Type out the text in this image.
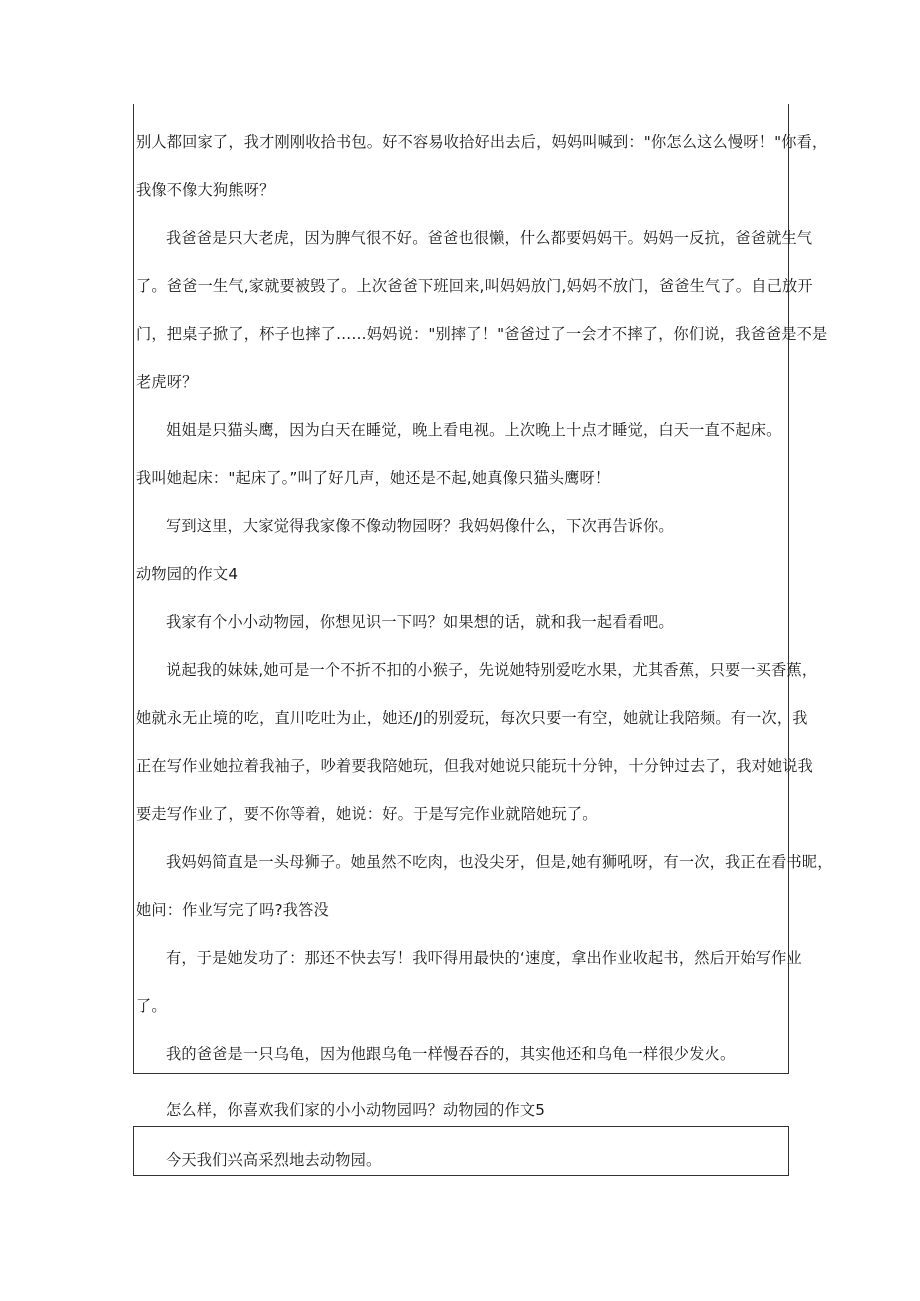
别人都回家了，我才刚刚收拾书包。好不容易收拾好出去后，妈妈叫喊到："你怎么这么慢呀！"你看，
我像不像大狗熊呀？
我爸爸是只大老虎，因为脾气很不好。爸爸也很懒，什么都要妈妈干。妈妈一反抗，爸爸就生气
了。爸爸一生气,家就要被毁了。上次爸爸下班回来,叫妈妈放门,妈妈不放门，爸爸生气了。自己放开
门，把桌子掀了，杯子也摔了……妈妈说："别摔了！"爸爸过了一会才不摔了，你们说，我爸爸是不是
老虎呀？
姐姐是只猫头鹰，因为白天在睡觉，晚上看电视。上次晚上十点才睡觉，白天一直不起床。
我叫她起床："起床了。”叫了好几声，她还是不起,她真像只猫头鹰呀！
写到这里，大家觉得我家像不像动物园呀？我妈妈像什么，下次再告诉你。
动物园的作文4
我家有个小小动物园，你想见识一下吗？如果想的话，就和我一起看看吧。
说起我的妹妹,她可是一个不折不扣的小猴子，先说她特别爱吃水果，尤其香蕉，只要一买香蕉，
她就永无止境的吃，直川吃吐为止，她还/J的别爱玩，每次只要一有空，她就让我陪频。有一次，我
正在写作业她拉着我袖子，吵着要我陪她玩，但我对她说只能玩十分钟，十分钟过去了，我对她说我
要走写作业了，要不你等着，她说：好。于是写完作业就陪她玩了。
我妈妈简直是一头母狮子。她虽然不吃肉，也没尖牙，但是,她有狮吼呀，有一次，我正在看书昵，
她问：作业写完了吗?我答没
有，于是她发功了：那还不快去写！我吓得用最快的‘速度，拿出作业收起书，然后开始写作业
了。
我的爸爸是一只乌龟，因为他跟乌龟一样慢吞吞的，其实他还和乌龟一样很少发火。
怎么样，你喜欢我们家的小小动物园吗？动物园的作文5
今天我们兴高采烈地去动物园。
